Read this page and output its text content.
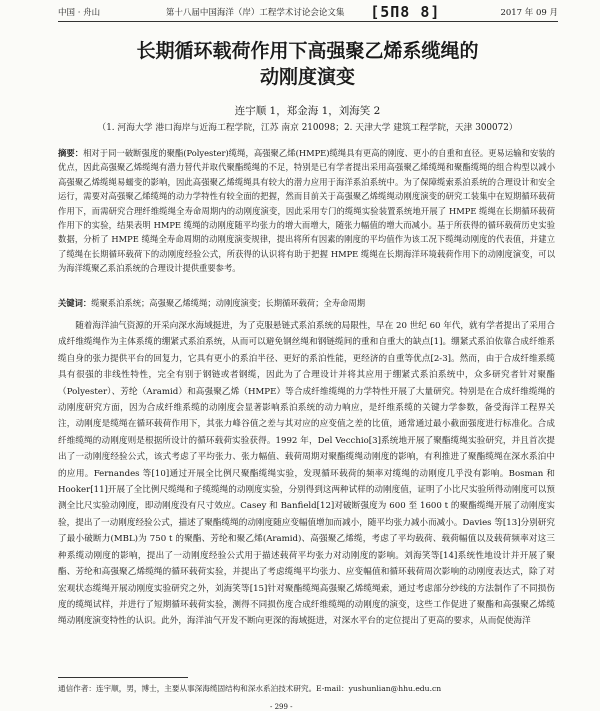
中国 · 舟山	第十八届中国海洋（岸）工程学术讨论会论文集	[5Π8 8]	2017 年 09 月
长期循环载荷作用下高强聚乙烯系缆绳的
动刚度演变
连宇顺 1，郑金海 1，刘海笑 2
（1. 河海大学 港口海岸与近海工程学院，江苏 南京 210098；2. 天津大学 建筑工程学院，天津 300072）
摘要：相对于同一破断强度的聚酯(Polyester)缆绳，高强聚乙烯(HMPE)缆绳具有更高的刚度、更小的自重和直径。更易运输和安装的优点，因此高强聚乙烯缆绳有潜力替代并取代聚酯缆绳的不足，特别是已有学者提出采用高强聚乙烯缆绳和聚酯缆绳的组合构型以减小高强聚乙烯缆绳易蠕变的影响，因此高强聚乙烯缆绳具有较大的潜力应用于海洋系泊系统中。为了保障缆索系泊系统的合理设计和安全运行，需要对高强聚乙烯缆绳的动力学特性有较全面的把握，然而目前关于高强聚乙烯缆绳动刚度演变的研究工装集中在短期循环载荷作用下，而需研究合理纤维缆绳全寿命周期内的动刚度演变，因此采用专门的缆绳实验装置系统地开展了 HMPE 缆绳在长期循环载荷作用下的实验，结果表明 HMPE 缆绳的动刚度随平均张力的增大而增大，随张力幅值的增大而减小。基于所获得的循环载荷历史实验数据，分析了 HMPE 缆绳全寿命周期的动刚度演变规律，提出将所有因素的刚度的平均值作为该工况下缆绳动刚度的代表值，并建立了缆绳在长期循环载荷下的动刚度经验公式，所获得的认识将有助于把握 HMPE 缆绳在长期海洋环境载荷作用下的动刚度演变，可以为海洋缆聚乙系泊系统的合理设计提供重要参考。
关键词：缆聚系泊系统；高强聚乙烯缆绳；动刚度演变；长期循环载荷；全寿命周期
随着海洋油气资源的开采向深水海域挺进，为了克服悬链式系泊系统的局限性，早在 20 世纪 60 年代，就有学者提出了采用合成纤维缆绳作为主体系缆的绷紧式系泊系统，从而可以避免钢丝绳和钢链缆间的重和自重大的缺点[1]。绷紧式系泊依靠合成纤维系缆自身的张力提供平台的回复力，它具有更小的系泊半径、更好的系泊性能，更经济的自重等优点[2-3]。然而，由于合成纤维系缆具有很强的非线性特性，完全有别于钢链或者钢缆，因此为了合理设计并将其应用于绷紧式系泊系统中，众多研究者针对聚酯（Polyester）、芳纶（Aramid）和高强聚乙烯（HMPE）等合成纤维缆绳的力学特性开展了大量研究。特别是在合成纤维缆绳的动刚度研究方面，因为合成纤维系缆的动刚度会显著影响系泊系统的动力响应，是纤维系缆的关键力学参数，备受海洋工程界关注，动刚度是缆绳在循环载荷作用下，其张力峰谷值之差与其对应的应变值之差的比值，通常通过最小截面强度进行标准化。合成纤维缆绳的动刚度则是根据所设计的循环载荷实验获得。1992 年，Del Vecchio[3]系统地开展了聚酯缆绳实验研究，并且首次提出了一动刚度经验公式，该式考虑了平均张力、张力幅值、载荷周期对聚酯缆绳动刚度的影响，有利推进了聚酯缆绳在深水系泊中的应用。Fernandes 等[10]通过开展全比例尺聚酯缆绳实验，发现循环载荷的频率对缆绳的动刚度几乎没有影响。Bosman 和 Hooker[11]开展了全比例尺缆绳和子缆缆绳的动刚度实验，分别得到这两种试样的动刚度值，证明了小比尺实验所得动刚度可以预测全比尺实验动刚度，即动刚度没有尺寸效应。Casey 和 Banfield[12]对破断强度为 600 至 1600 t 的聚酯缆绳开展了动刚度实验，提出了一动刚度经验公式，描述了聚酯缆绳的动刚度随应变幅值增加而减小，随平均张力减小而减小。Davies 等[13]分别研究了最小破断力(MBL)为 750 t 的聚酯、芳纶和聚乙烯(Aramid)、高强聚乙烯缆，考虑了平均载荷、载荷幅值以及载荷频率对这三种系缆动刚度的影响，提出了一动刚度经验公式用于描述载荷平均张力对动刚度的影响。刘海笑等[14]系统性地设计并开展了聚酯、芳纶和高强聚乙烯缆绳的循环载荷实验，并提出了考虑缆绳平均张力、应变幅值和循环载荷周次影响的动刚度表达式，除了对宏观状态缆绳开展动刚度实验研究之外，刘海笑等[15]针对聚酯缆绳高强聚乙烯缆绳索，通过考虑部分纱线的方法制作了不同损伤度的缆绳试样，并进行了短期循环载荷实验，测得不同损伤度合成纤维缆绳的动刚度的演变，这些工作促进了聚酯和高强聚乙烯缆绳动刚度演变特性的认识。此外，海洋油气开发不断向更深的海域挺进，对深水平台的定位提出了更高的要求，从而促使海洋
通信作者：连宇顺，男，博士，主要从事深海缆固结构和深水系泊技术研究。E-mail：yushunlian@hhu.edu.cn
- 299 -
